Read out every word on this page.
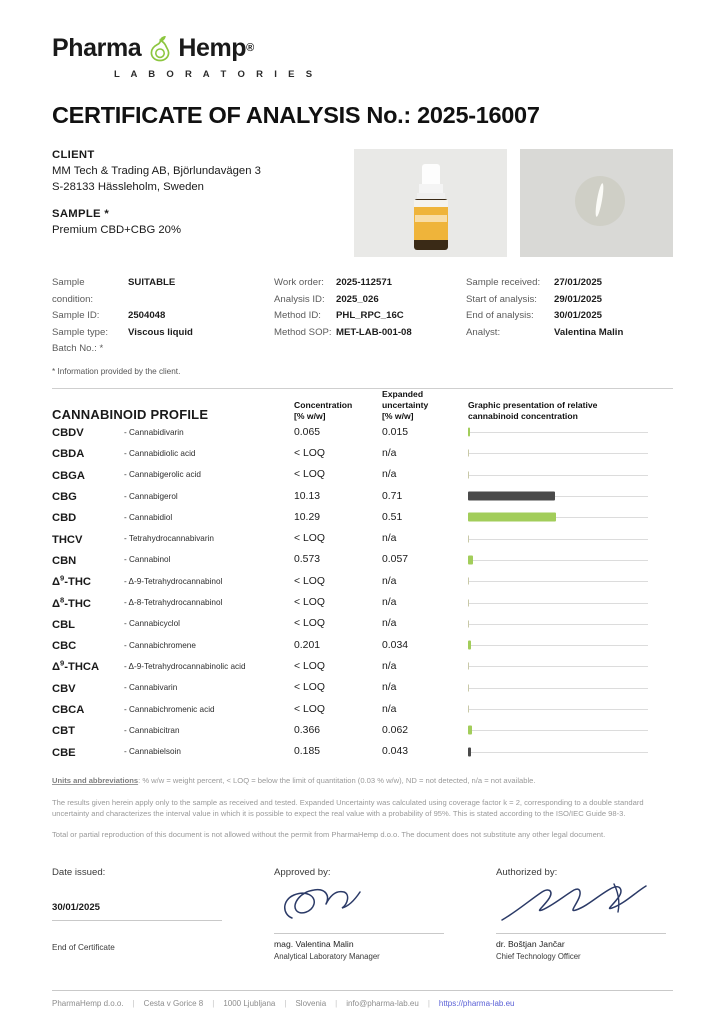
Pharma Hemp ®
L A B O R A T O R I E S
CERTIFICATE OF ANALYSIS No.: 2025-16007
CLIENT
MM Tech & Trading AB, Björlundavägen 3
S-28133 Hässleholm, Sweden
SAMPLE *
Premium CBD+CBG 20%
Sample condition:
SUITABLE
Sample ID:	2504048
Sample type:	Viscous liquid
Batch No.: *
Work order:	2025-112571
Analysis ID:	2025_026
Method ID:	PHL_RPC_16C
Method SOP: MET-LAB-001-08
Sample received:	27/01/2025
Start of analysis:	29/01/2025
End of analysis:	30/01/2025
Analyst:	Valentina Malin
* Information provided by the client.
CANNABINOID PROFILE	
Concentration
[% w/w]

Expanded
uncertainty
[% w/w]

Graphic presentation of relative
cannabinoid concentration

CBDV	- Cannabidivarin	0.065	0.015	

CBDA	- Cannabidiolic acid	< LOQ	n/a	

CBGA	- Cannabigerolic acid	< LOQ	n/a	

CBG	- Cannabigerol	10.13	0.71	

CBD	- Cannabidiol	10.29	0.51	

THCV	- Tetrahydrocannabivarin	< LOQ	n/a	

CBN	- Cannabinol	0.573	0.057	

$\Delta^9$-THC	- Δ-9-Tetrahydrocannabinol	< LOQ	n/a	

$\Delta^8$-THC	- Δ-8-Tetrahydrocannabinol	< LOQ	n/a	

CBL	- Cannabicyclol	< LOQ	n/a	

CBC	- Cannabichromene	0.201	0.034	

$\Delta^9$-THCA	- Δ-9-Tetrahydrocannabinolic acid	< LOQ	n/a	

CBV	- Cannabivarin	< LOQ	n/a	

CBCA	- Cannabichromenic acid	< LOQ	n/a	

CBT	- Cannabicitran	0.366	0.062	

CBE	- Cannabielsoin	0.185	0.043	
Units and abbreviations: % w/w = weight percent, < LOQ = below the limit of quantitation (0.03 % w/w), ND = not detected, n/a = not available.
The results given herein apply only to the sample as received and tested. Expanded Uncertainty was calculated using coverage factor k = 2, corresponding to a double standard uncertainty and characterizes the interval value in which it is possible to expect the real value with a probability of 95%. This is stated according to the ISO/IEC Guide 98-3.
Total or partial reproduction of this document is not allowed without the permit from PharmaHemp d.o.o. The document does not substitute any other legal document.
Date issued:
30/01/2025
End of Certificate
Approved by:
mag. Valentina Malin
Analytical Laboratory Manager
Authorized by:
dr. Boštjan Jančar
Chief Technology Officer
PharmaHemp d.o.o. | Cesta v Gorice 8 | 1000 Ljubljana | Slovenia | info@pharma-lab.eu | https://pharma-lab.eu
